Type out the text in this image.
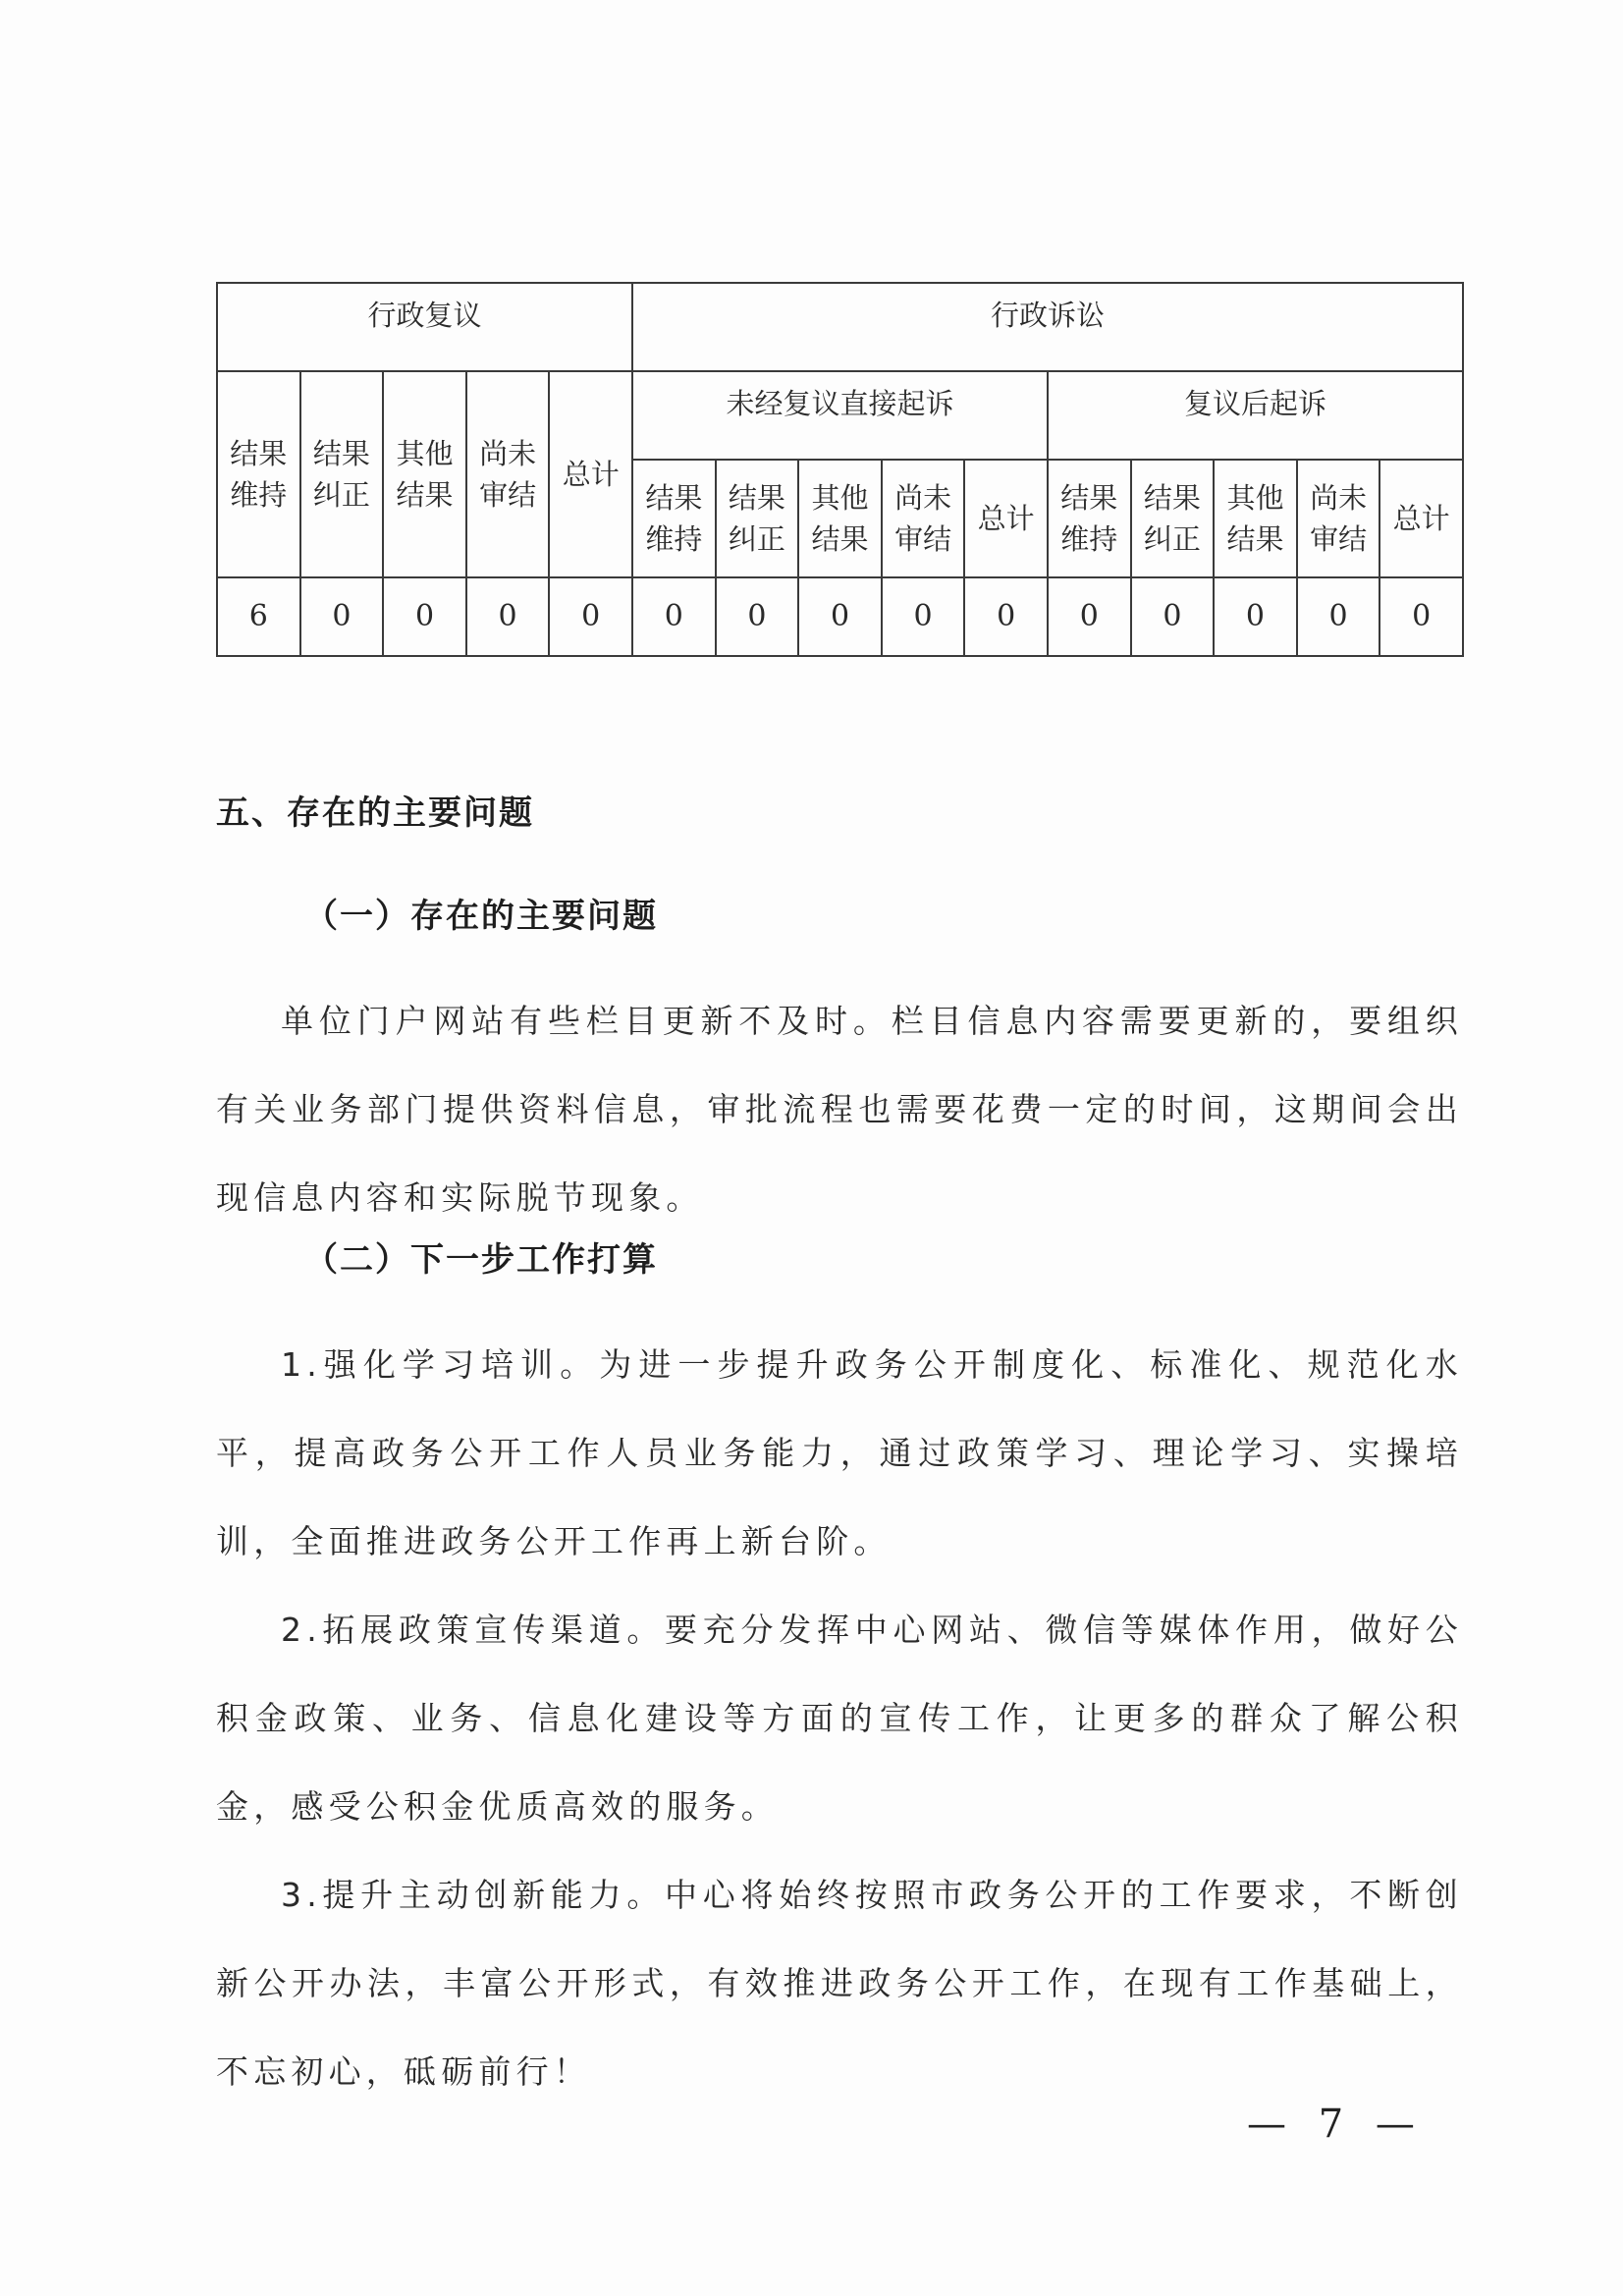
行政复议					行政诉讼									
结果维持	结果纠正	其他结果	尚未审结	总计	未经复议直接起诉					复议后起诉				
					结果维持	结果纠正	其他结果	尚未审结	总计	结果维持	结果纠正	其他结果	尚未审结	总计
6	0	0	0	0	0	0	0	0	0	0	0	0	0	0
五、存在的主要问题
（一）存在的主要问题
单位门户网站有些栏目更新不及时。栏目信息内容需要更新的，要组织有关业务部门提供资料信息，审批流程也需要花费一定的时间，这期间会出现信息内容和实际脱节现象。
（二）下一步工作打算
1.强化学习培训。为进一步提升政务公开制度化、标准化、规范化水平，提高政务公开工作人员业务能力，通过政策学习、理论学习、实操培训，全面推进政务公开工作再上新台阶。
2.拓展政策宣传渠道。要充分发挥中心网站、微信等媒体作用，做好公积金政策、业务、信息化建设等方面的宣传工作，让更多的群众了解公积金，感受公积金优质高效的服务。
3.提升主动创新能力。中心将始终按照市政务公开的工作要求，不断创新公开办法，丰富公开形式，有效推进政务公开工作，在现有工作基础上，不忘初心，砥砺前行！
— 7 —
